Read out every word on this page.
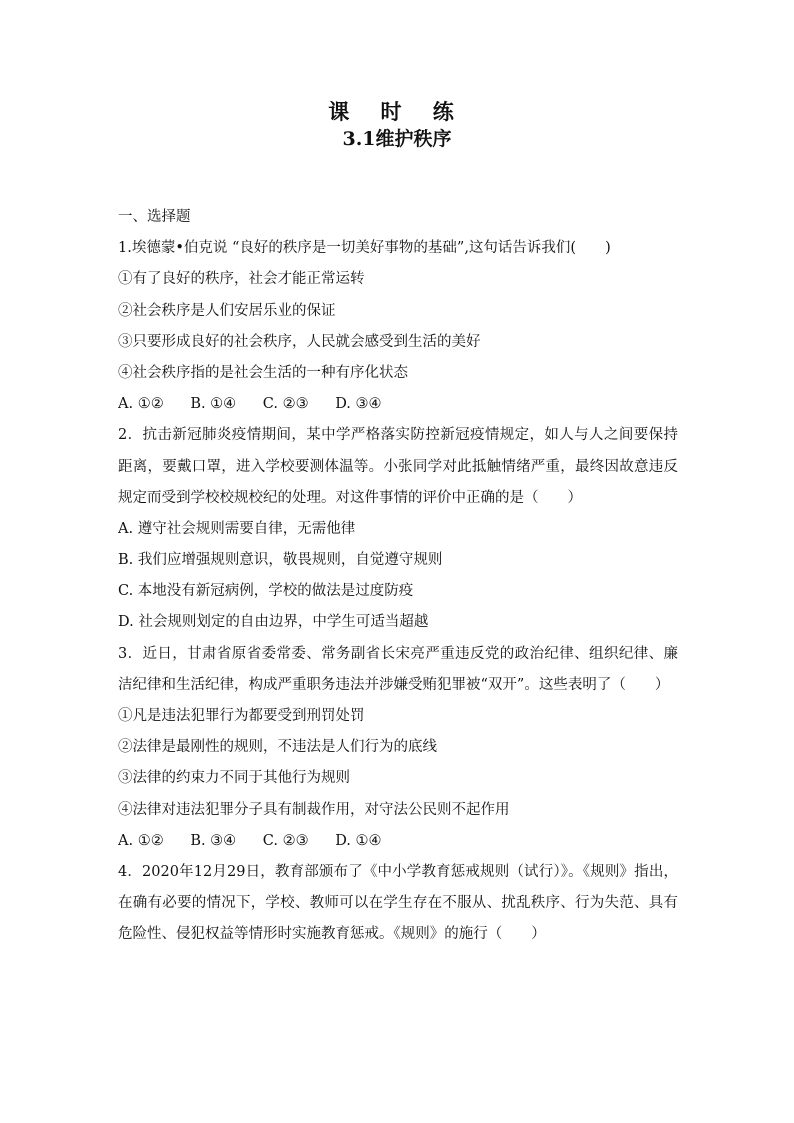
课 时 练
3.1维护秩序
一、选择题
1.埃德蒙•伯克说 “良好的秩序是一切美好事物的基础”,这句话告诉我们(　　)
①有了良好的秩序，社会才能正常运转
②社会秩序是人们安居乐业的保证
③只要形成良好的社会秩序，人民就会感受到生活的美好
④社会秩序指的是社会生活的一种有序化状态
A. ①② B. ①④ C. ②③ D. ③④
2．抗击新冠肺炎疫情期间，某中学严格落实防控新冠疫情规定，如人与人之间要保持距离，要戴口罩，进入学校要测体温等。小张同学对此抵触情绪严重，最终因故意违反规定而受到学校校规校纪的处理。对这件事情的评价中正确的是（　　）
A. 遵守社会规则需要自律，无需他律
B. 我们应增强规则意识，敬畏规则，自觉遵守规则
C. 本地没有新冠病例，学校的做法是过度防疫
D. 社会规则划定的自由边界，中学生可适当超越
3．近日，甘肃省原省委常委、常务副省长宋亮严重违反党的政治纪律、组织纪律、廉洁纪律和生活纪律，构成严重职务违法并涉嫌受贿犯罪被“双开”。这些表明了（　　）
①凡是违法犯罪行为都要受到刑罚处罚
②法律是最刚性的规则，不违法是人们行为的底线
③法律的约束力不同于其他行为规则
④法律对违法犯罪分子具有制裁作用，对守法公民则不起作用
A. ①② B. ③④ C. ②③ D. ①④
4．2020年12月29日，教育部颁布了《中小学教育惩戒规则（试行）》。《规则》指出，在确有必要的情况下，学校、教师可以在学生存在不服从、扰乱秩序、行为失范、具有危险性、侵犯权益等情形时实施教育惩戒。《规则》的施行（　　）
